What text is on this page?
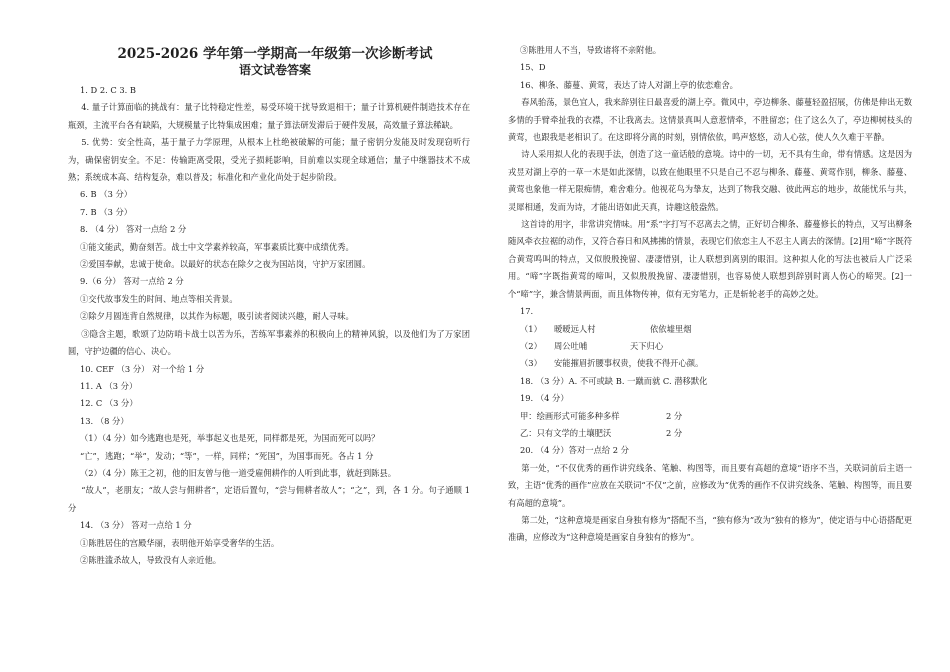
2025-2026 学年第一学期高一年级第一次诊断考试
语文试卷答案
1. D 2. C 3. B
4. 量子计算面临的挑战有：量子比特稳定性差，易受环境干扰导致退相干；量子计算机硬件制造技术存在瓶颈，主流平台各有缺陷，大规模量子比特集成困难；量子算法研发滞后于硬件发展，高效量子算法稀缺。
5. 优势：安全性高，基于量子力学原理，从根本上杜绝被破解的可能；量子密钥分发能及时发现窃听行为，确保密钥安全。不足：传输距离受限，受光子损耗影响，目前难以实现全球通信；量子中继器技术不成熟；系统成本高、结构复杂，难以普及；标准化和产业化尚处于起步阶段。
6. B （3 分）
7. B （3 分）
8. （4 分） 答对一点给 2 分
①能文能武，勤奋刻苦。战士中文学素养较高，军事素质比赛中成绩优秀。
②爱国奉献，忠诚于使命。以最好的状态在除夕之夜为国站岗，守护万家团圆。
9.（6 分） 答对一点给 2 分
①交代故事发生的时间、地点等相关背景。
②除夕月圆连背自然规律，以其作为标题，吸引读者阅读兴趣，耐人寻味。
③隐含主题，歌颂了边防哨卡战士以苦为乐，苦练军事素养的积极向上的精神风貌，以及他们为了万家团圆，守护边疆的信心、决心。
10. CEF （3 分） 对一个给 1 分
11. A （3 分）
12. C （3 分）
13. （8 分）
（1）（4 分）如今逃跑也是死，举事起义也是死，同样都是死，为国而死可以吗？
“亡”，逃跑；“举”，发动；“等”，一样，同样；“死国”，为国事而死。各占 1 分
（2）（4 分）陈王之初，他的旧友曾与他一道受雇佣耕作的人听到此事，就赶到陈县。
“故人”，老朋友；“故人尝与佣耕者”，定语后置句，“尝与佣耕者故人”；“之”，到，各 1 分。句子通顺 1 分
14. （3 分） 答对一点给 1 分
①陈胜居住的宫殿华丽，表明他开始享受奢华的生活。
②陈胜滥杀故人，导致没有人亲近他。
③陈胜用人不当，导致诸将不亲附他。
15、D
16、柳条、藤蔓、黄莺，表达了诗人对湖上亭的依恋难舍。
春风骀荡，景色宜人，我来辞别往日最喜爱的湖上亭。微风中，亭边柳条、藤蔓轻盈招展，仿佛是伸出无数多情的手臂牵扯我的衣襟，不让我离去。这情景真叫人意惹情牵，不胜留恋；住了这么久了，亭边柳树枝头的黄莺，也跟我是老相识了。在这即将分离的时刻，别情依依，鸣声悠悠，动人心弦，使人久久难于平静。
诗人采用拟人化的表现手法，创造了这一童话般的意境。诗中的一切，无不具有生命，带有情感。这是因为戎昱对湖上亭的一草一木是如此深情，以致在他眼里不只是自己不忍与柳条、藤蔓、黄莺作别，柳条、藤蔓、黄莺也象他一样无限痴情，难舍难分。他视花鸟为挚友，达到了物我交融、彼此两忘的地步，故能忧乐与共，灵犀相通，发而为诗，才能出语如此天真，诗趣这般盎然。
这首诗的用字，非常讲究情味。用“系”字打写不忍离去之情，正好切合柳条、藤蔓修长的特点，又写出柳条随风牵衣拉裾的动作，又符合春日和风拂拂的情景，表现它们依恋主人不忍主人离去的深情。[2]用“啼”字既符合黄莺鸣叫的特点，又似殷殷挽留、凄凄惜别，让人联想到离别的眼泪。这种拟人化的写法也被后人广泛采用。“啼”字既指黄莺的啼叫，又似殷殷挽留、凄凄惜别，也容易使人联想到辞别时离人伤心的啼哭。[2]一个“啼”字，兼含情景两面，而且体物传神，似有无穷笔力，正是斩轮老手的高妙之处。
17.
（1） 暧暧远人村	依依墟里烟
（2） 周公吐哺	天下归心
（3） 安能摧眉折腰事权贵，使我不得开心颜。
18. （3 分）A. 不可或缺 B. 一蹴而就 C. 潜移默化
19. （4 分）
甲：绘画形式可能多种多样	2 分
乙：只有文学的土壤肥沃	2 分
20. （4 分）答对一点给 2 分
第一处，“不仅优秀的画作讲究线条、笔触、构图等，而且要有高超的意境”语序不当，关联词前后主语一致，主语“优秀的画作”应放在关联词“不仅”之前，应修改为“优秀的画作不仅讲究线条、笔触、构图等，而且要有高超的意境”。
第二处，“这种意境是画家自身独有修为”搭配不当，“独有修为”改为“独有的修为”，使定语与中心语搭配更准确，应修改为“这种意境是画家自身独有的修为”。
